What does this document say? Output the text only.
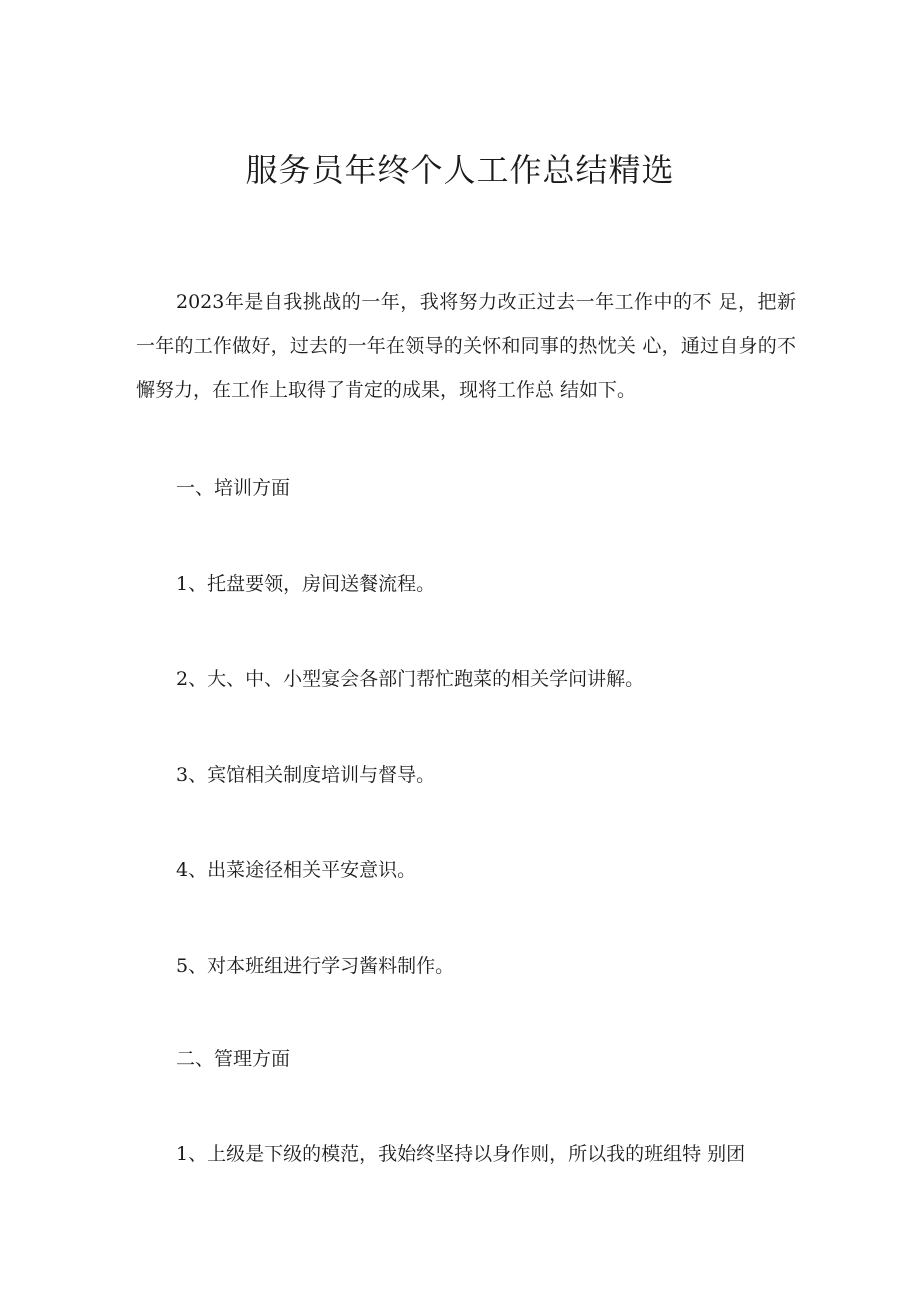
服务员年终个人工作总结精选

2023年是自我挑战的一年，我将努力改正过去一年工作中的不 足，把新一年的工作做好，过去的一年在领导的关怀和同事的热忱关 心，通过自身的不懈努力，在工作上取得了肯定的成果，现将工作总 结如下。

一、培训方面

1、托盘要领，房间送餐流程。

2、大、中、小型宴会各部门帮忙跑菜的相关学问讲解。

3、宾馆相关制度培训与督导。

4、出菜途径相关平安意识。

5、对本班组进行学习酱料制作。

二、管理方面

1、上级是下级的模范，我始终坚持以身作则，所以我的班组特 别团
